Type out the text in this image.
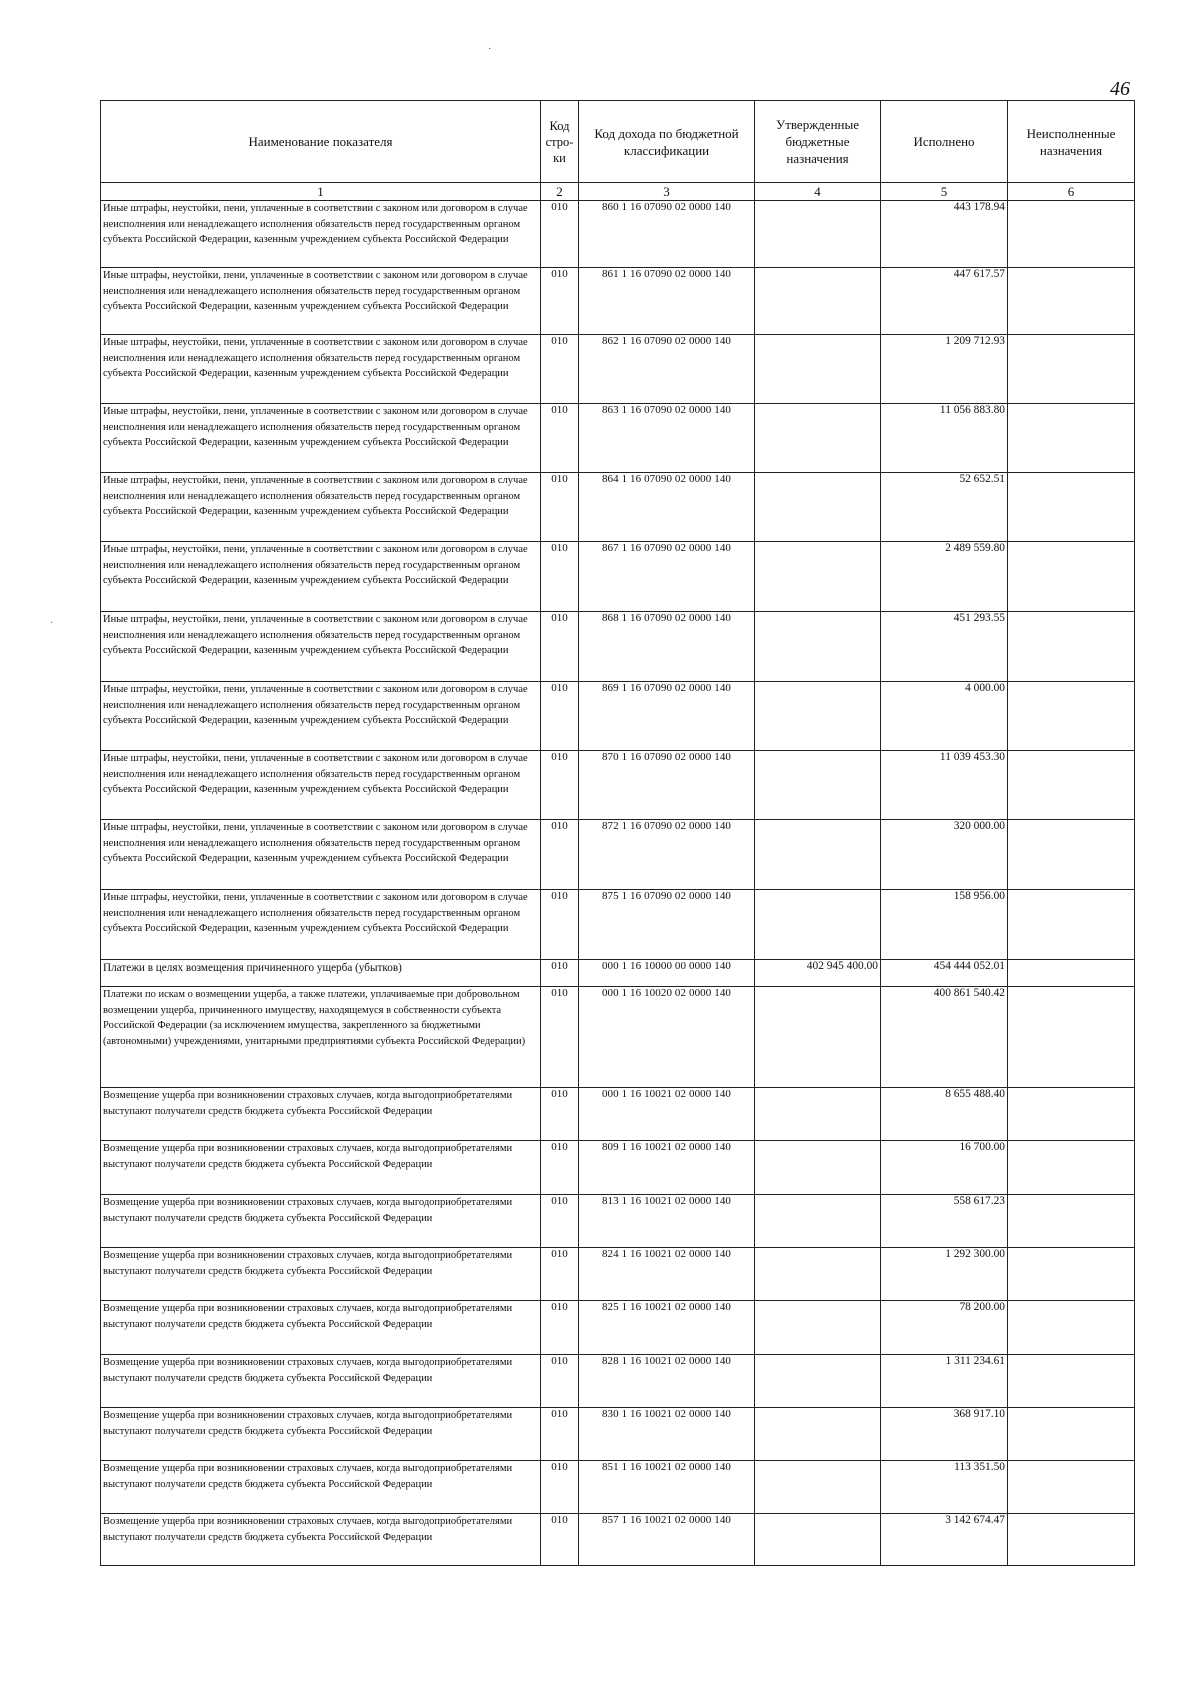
46
·
·
Наименование показателя	Код стро-ки	Код дохода по бюджетной классификации	Утвержденные бюджетные назначения	Исполнено	Неисполненные назначения
1	2	3	4	5	6
Иные штрафы, неустойки, пени, уплаченные в соответствии с законом или договором в случае неисполнения или ненадлежащего исполнения обязательств перед государственным органом субъекта Российской Федерации, казенным учреждением субъекта Российской Федерации	010	860 1 16 07090 02 0000 140		443 178.94	
Иные штрафы, неустойки, пени, уплаченные в соответствии с законом или договором в случае неисполнения или ненадлежащего исполнения обязательств перед государственным органом субъекта Российской Федерации, казенным учреждением субъекта Российской Федерации	010	861 1 16 07090 02 0000 140		447 617.57	
Иные штрафы, неустойки, пени, уплаченные в соответствии с законом или договором в случае неисполнения или ненадлежащего исполнения обязательств перед государственным органом субъекта Российской Федерации, казенным учреждением субъекта Российской Федерации	010	862 1 16 07090 02 0000 140		1 209 712.93	
Иные штрафы, неустойки, пени, уплаченные в соответствии с законом или договором в случае неисполнения или ненадлежащего исполнения обязательств перед государственным органом субъекта Российской Федерации, казенным учреждением субъекта Российской Федерации	010	863 1 16 07090 02 0000 140		11 056 883.80	
Иные штрафы, неустойки, пени, уплаченные в соответствии с законом или договором в случае неисполнения или ненадлежащего исполнения обязательств перед государственным органом субъекта Российской Федерации, казенным учреждением субъекта Российской Федерации	010	864 1 16 07090 02 0000 140		52 652.51	
Иные штрафы, неустойки, пени, уплаченные в соответствии с законом или договором в случае неисполнения или ненадлежащего исполнения обязательств перед государственным органом субъекта Российской Федерации, казенным учреждением субъекта Российской Федерации	010	867 1 16 07090 02 0000 140		2 489 559.80	
Иные штрафы, неустойки, пени, уплаченные в соответствии с законом или договором в случае неисполнения или ненадлежащего исполнения обязательств перед государственным органом субъекта Российской Федерации, казенным учреждением субъекта Российской Федерации	010	868 1 16 07090 02 0000 140		451 293.55	
Иные штрафы, неустойки, пени, уплаченные в соответствии с законом или договором в случае неисполнения или ненадлежащего исполнения обязательств перед государственным органом субъекта Российской Федерации, казенным учреждением субъекта Российской Федерации	010	869 1 16 07090 02 0000 140		4 000.00	
Иные штрафы, неустойки, пени, уплаченные в соответствии с законом или договором в случае неисполнения или ненадлежащего исполнения обязательств перед государственным органом субъекта Российской Федерации, казенным учреждением субъекта Российской Федерации	010	870 1 16 07090 02 0000 140		11 039 453.30	
Иные штрафы, неустойки, пени, уплаченные в соответствии с законом или договором в случае неисполнения или ненадлежащего исполнения обязательств перед государственным органом субъекта Российской Федерации, казенным учреждением субъекта Российской Федерации	010	872 1 16 07090 02 0000 140		320 000.00	
Иные штрафы, неустойки, пени, уплаченные в соответствии с законом или договором в случае неисполнения или ненадлежащего исполнения обязательств перед государственным органом субъекта Российской Федерации, казенным учреждением субъекта Российской Федерации	010	875 1 16 07090 02 0000 140		158 956.00	
Платежи в целях возмещения причиненного ущерба (убытков)	010	000 1 16 10000 00 0000 140	402 945 400.00	454 444 052.01	
Платежи по искам о возмещении ущерба, а также платежи, уплачиваемые при добровольном возмещении ущерба, причиненного имуществу, находящемуся в собственности субъекта Российской Федерации (за исключением имущества, закрепленного за бюджетными (автономными) учреждениями, унитарными предприятиями субъекта Российской Федерации)	010	000 1 16 10020 02 0000 140		400 861 540.42	
Возмещение ущерба при возникновении страховых случаев, когда выгодоприобретателями выступают получатели средств бюджета субъекта Российской Федерации	010	000 1 16 10021 02 0000 140		8 655 488.40	
Возмещение ущерба при возникновении страховых случаев, когда выгодоприобретателями выступают получатели средств бюджета субъекта Российской Федерации	010	809 1 16 10021 02 0000 140		16 700.00	
Возмещение ущерба при возникновении страховых случаев, когда выгодоприобретателями выступают получатели средств бюджета субъекта Российской Федерации	010	813 1 16 10021 02 0000 140		558 617.23	
Возмещение ущерба при возникновении страховых случаев, когда выгодоприобретателями выступают получатели средств бюджета субъекта Российской Федерации	010	824 1 16 10021 02 0000 140		1 292 300.00	
Возмещение ущерба при возникновении страховых случаев, когда выгодоприобретателями выступают получатели средств бюджета субъекта Российской Федерации	010	825 1 16 10021 02 0000 140		78 200.00	
Возмещение ущерба при возникновении страховых случаев, когда выгодоприобретателями выступают получатели средств бюджета субъекта Российской Федерации	010	828 1 16 10021 02 0000 140		1 311 234.61	
Возмещение ущерба при возникновении страховых случаев, когда выгодоприобретателями выступают получатели средств бюджета субъекта Российской Федерации	010	830 1 16 10021 02 0000 140		368 917.10	
Возмещение ущерба при возникновении страховых случаев, когда выгодоприобретателями выступают получатели средств бюджета субъекта Российской Федерации	010	851 1 16 10021 02 0000 140		113 351.50	
Возмещение ущерба при возникновении страховых случаев, когда выгодоприобретателями выступают получатели средств бюджета субъекта Российской Федерации	010	857 1 16 10021 02 0000 140		3 142 674.47	
